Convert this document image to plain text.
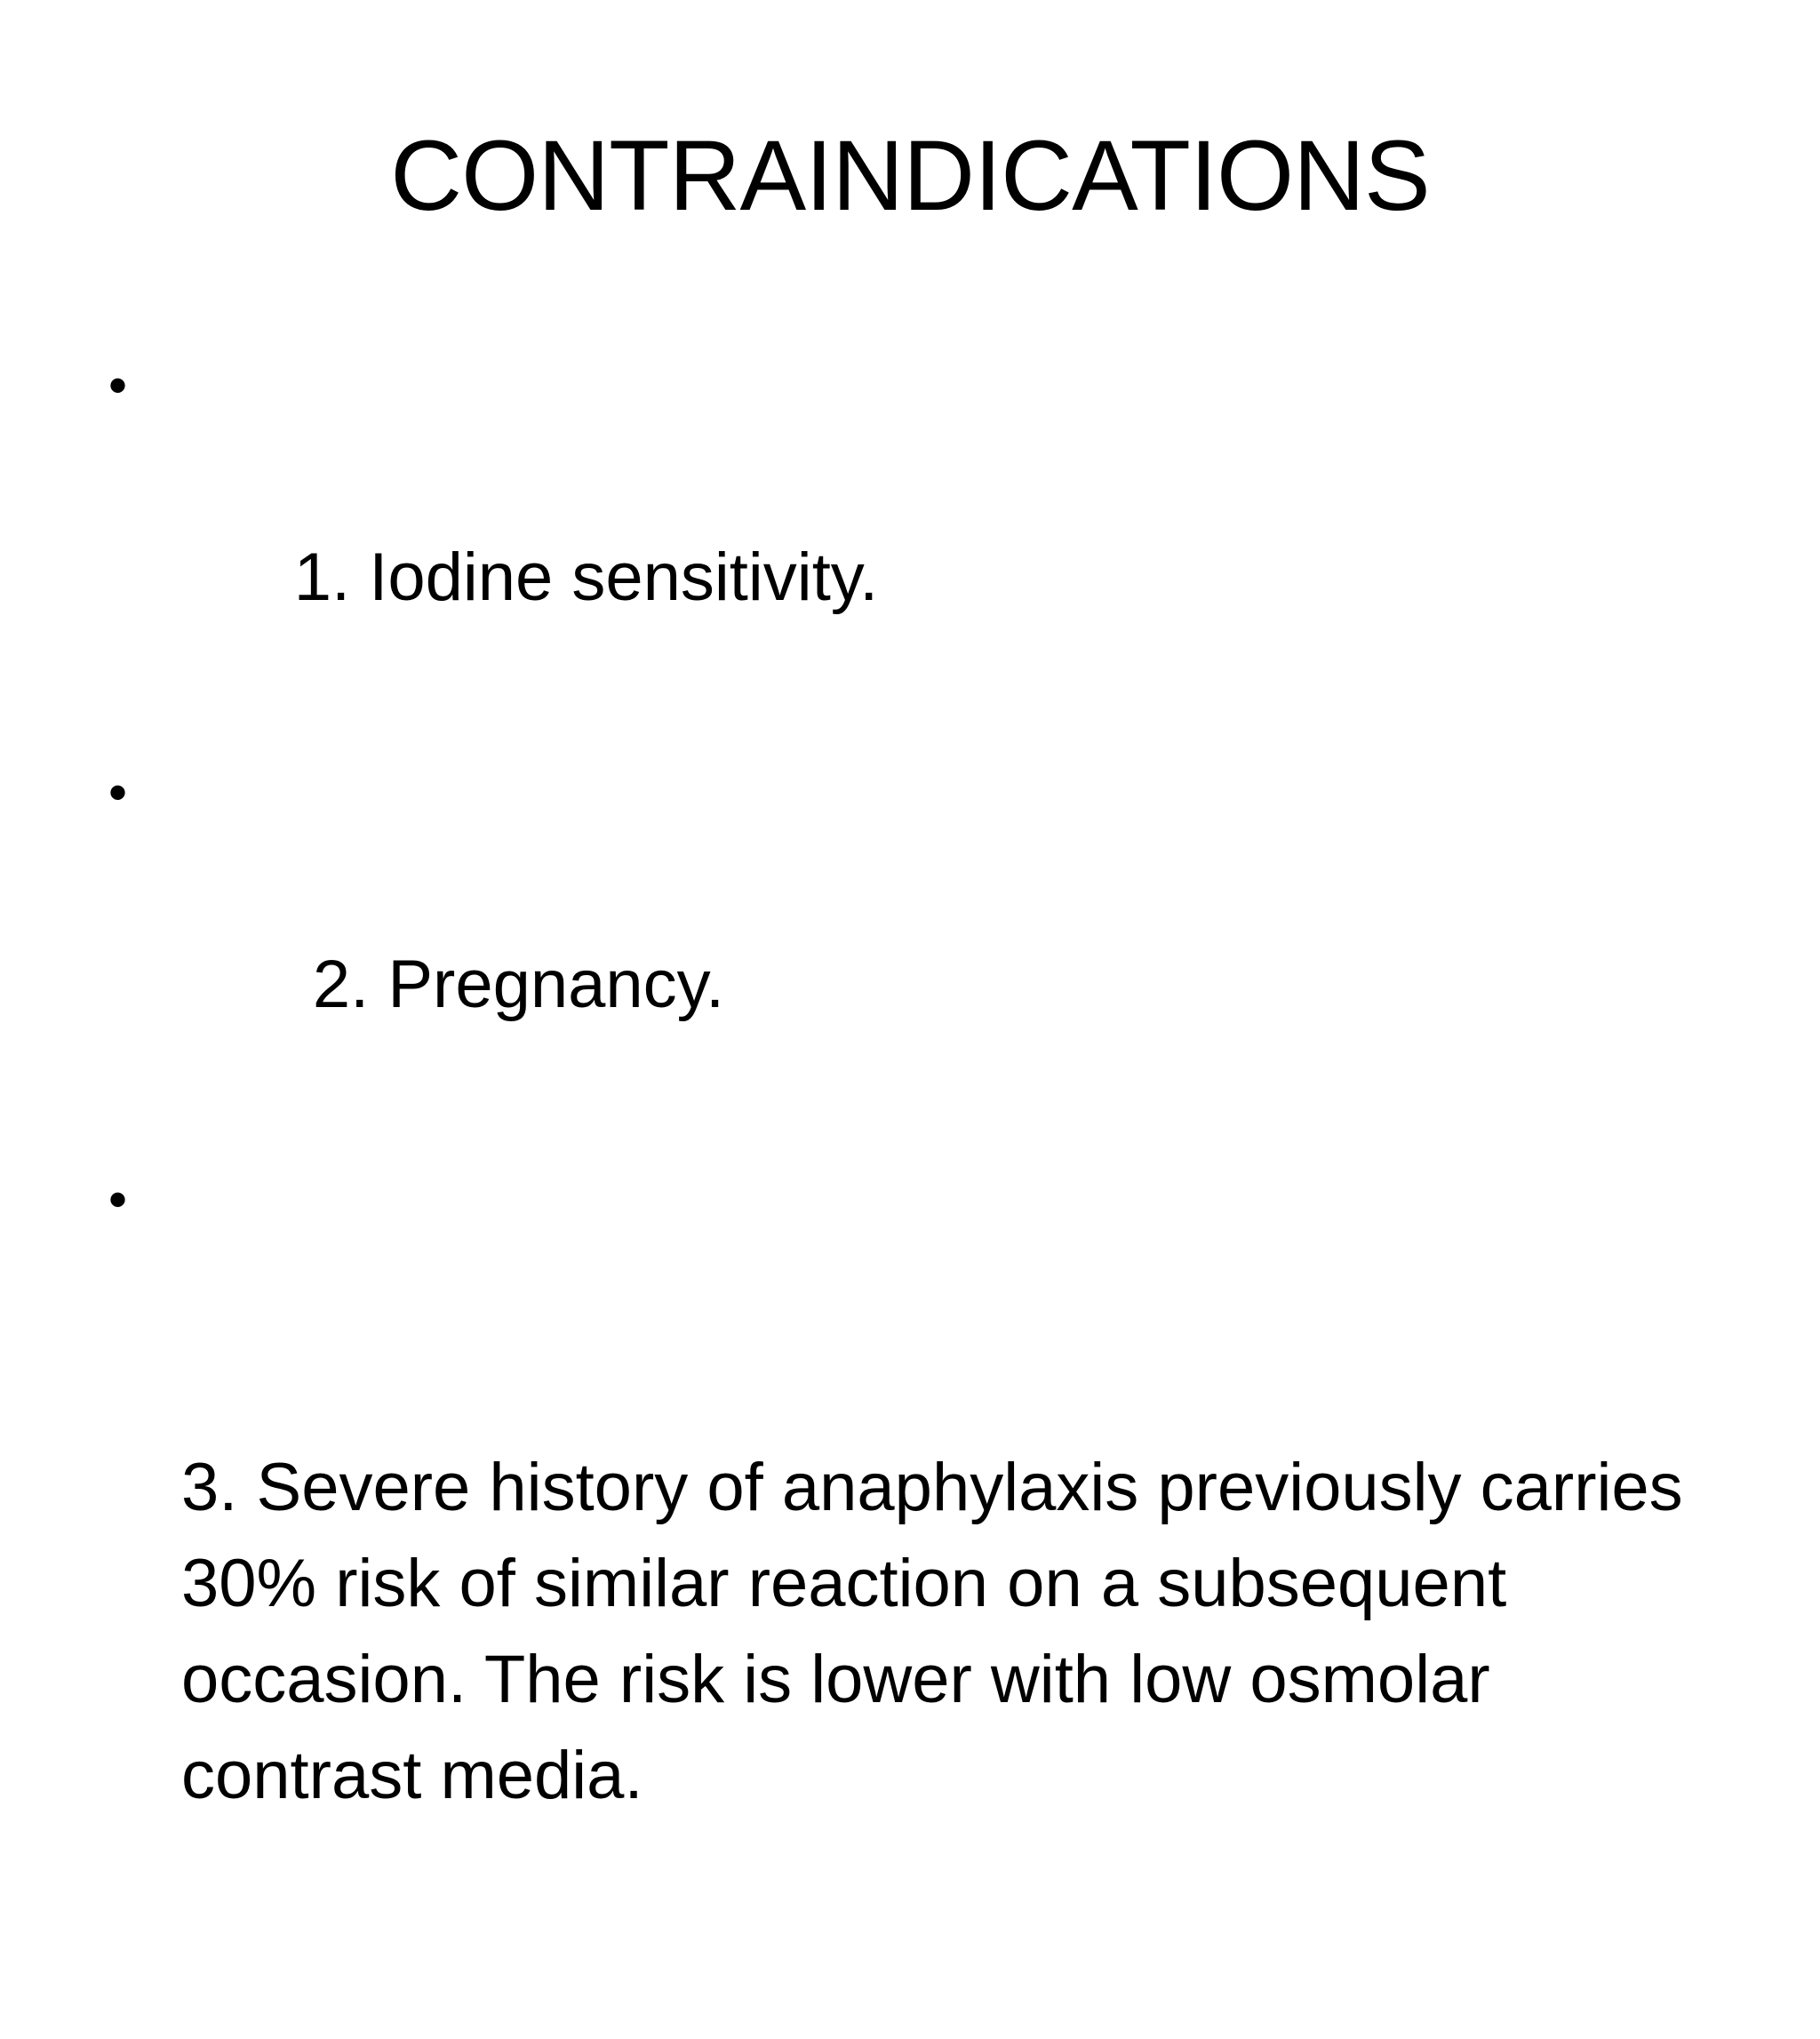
CONTRAINDICATIONS

•

1. Iodine sensitivity.

•

2. Pregnancy.

•

3. Severe history of anaphylaxis previously carries 30% risk of similar reaction on a subsequent occasion. The risk is lower with low osmolar contrast media.
